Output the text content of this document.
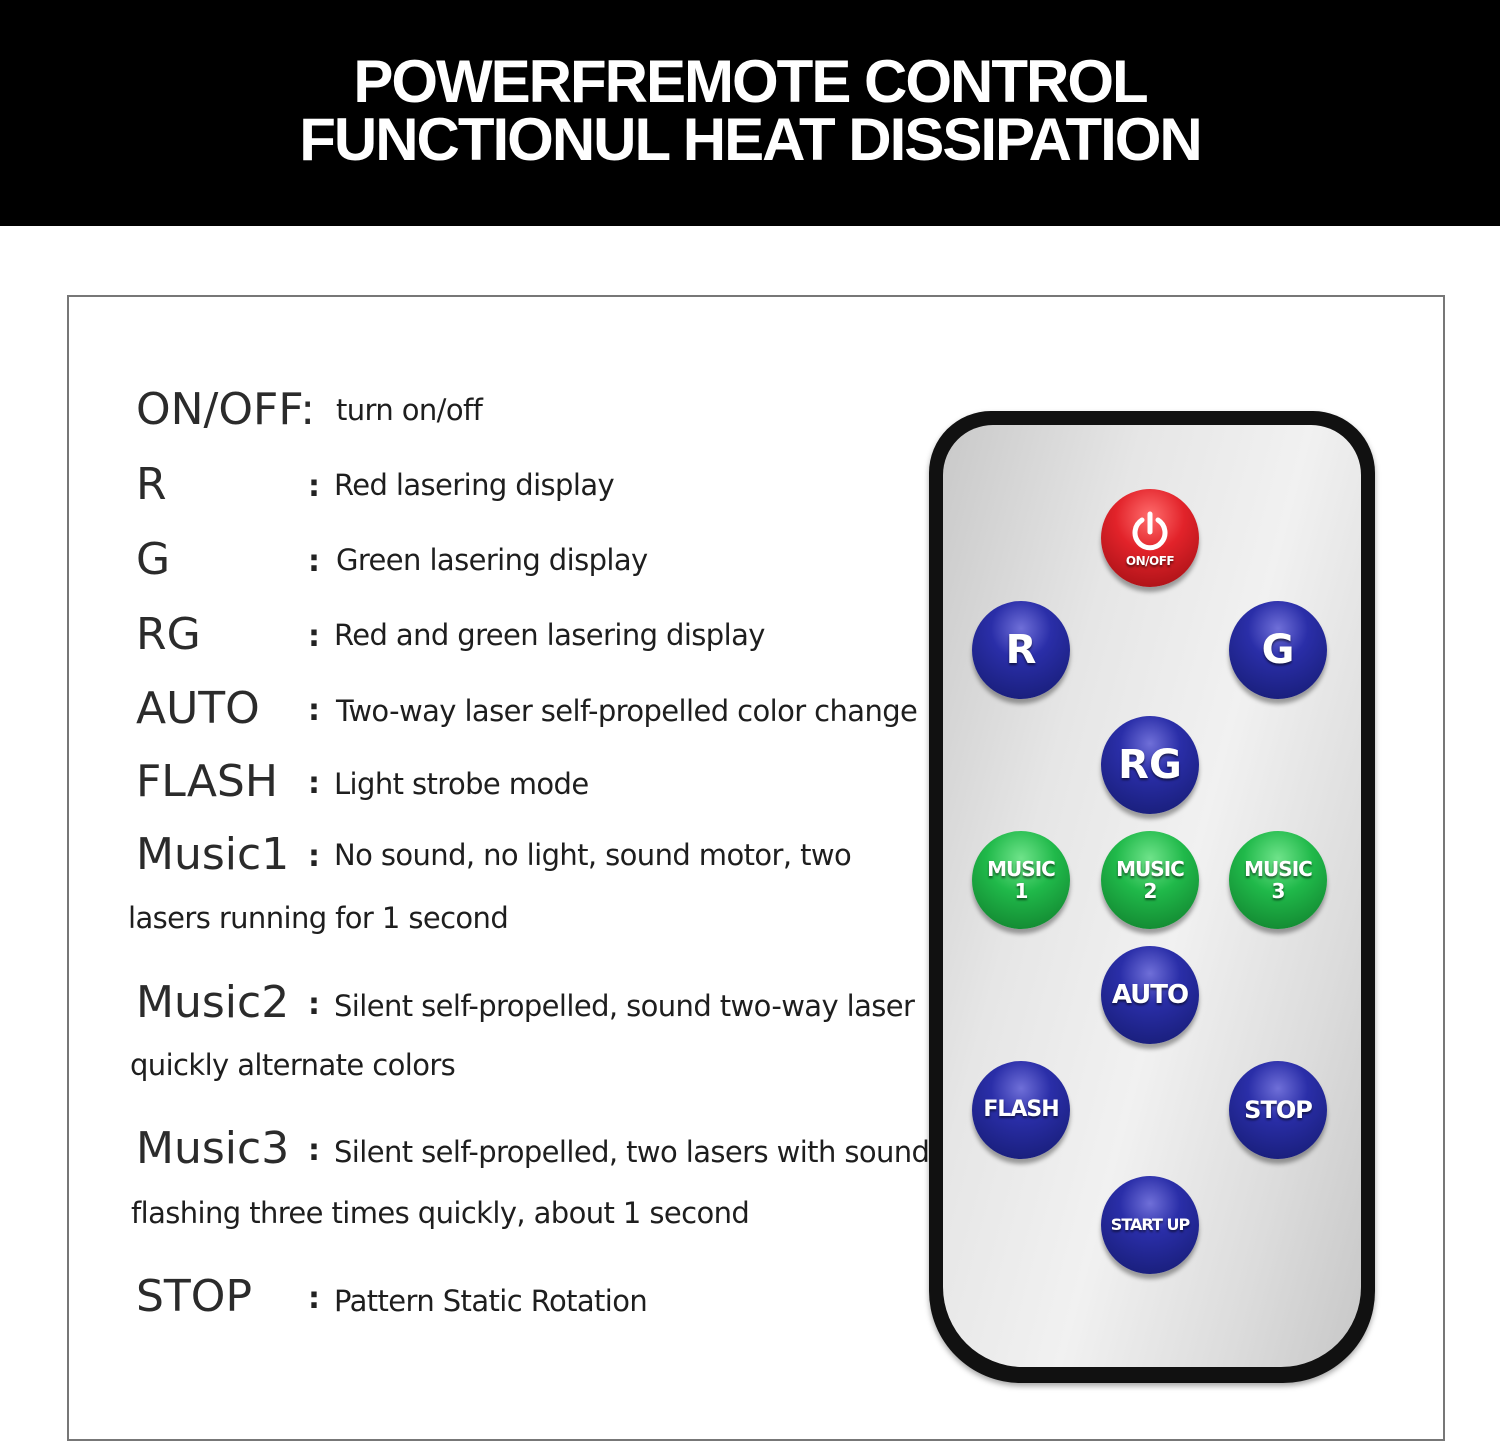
POWERFREMOTE CONTROL
FUNCTIONUL HEAT DISSIPATION
ON/OFF: turn on/off
R	: Red lasering display
G	: Green lasering display
RG	: Red and green lasering display
AUTO : Two-way laser self-propelled color change
FLASH : Light strobe mode
Music1 : No sound, no light, sound motor, two
lasers running for 1 second
Music2 : Silent self-propelled, sound two-way laser
quickly alternate colors
Music3 : Silent self-propelled, two lasers with sound
flashing three times quickly, about 1 second
STOP : Pattern Static Rotation
ON/OFF
R	G
RG
MUSIC
1
MUSIC
2
MUSIC
3
AUTO
FLASH	STOP
START UP
